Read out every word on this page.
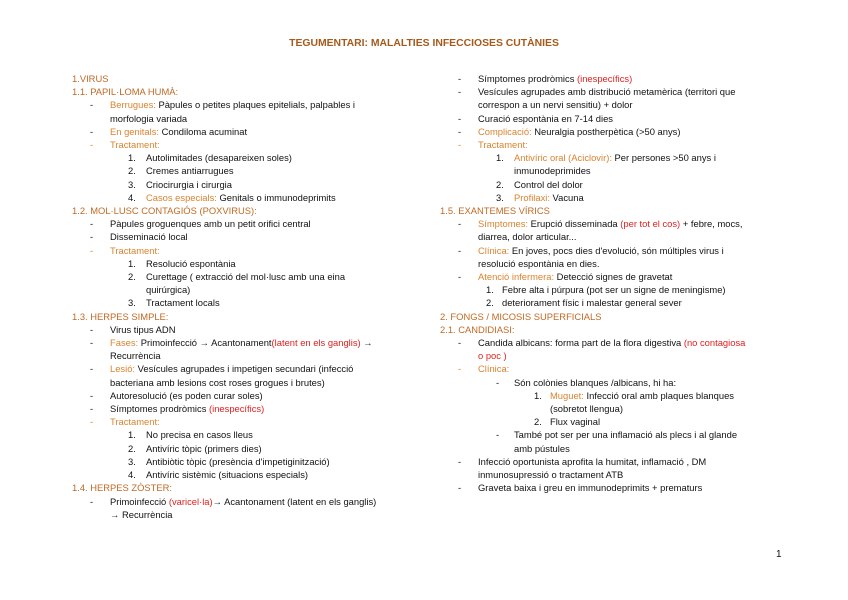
TEGUMENTARI: MALALTIES INFECCIOSES CUTÀNIES
1.VIRUS
1.1. PAPIL·LOMA HUMÀ:
- Berrugues: Pàpules o petites plaques epitelials, palpables i
morfologia variada
- En genitals: Condiloma acuminat
- Tractament:
1. Autolimitades (desapareixen soles)
2. Cremes antiarrugues
3. Criocirurgia i cirurgia
4. Casos especials: Genitals o immunodeprimits
1.2. MOL·LUSC CONTAGIÓS (POXVIRUS):
- Pàpules groguenques amb un petit orifici central
- Disseminació local
- Tractament:
1. Resolució espontània
2. Curettage ( extracció del mol·lusc amb una eina
quirúrgica)
3. Tractament locals
1.3. HERPES SIMPLE:
- Virus tipus ADN
- Fases: Primoinfecció → Acantonament(latent en els ganglis) →
Recurrència
- Lesió: Vesícules agrupades i impetigen secundari (infecció
bacteriana amb lesions cost roses grogues i brutes)
- Autoresolució (es poden curar soles)
- Símptomes prodròmics (inespecífics)
- Tractament:
1. No precisa en casos lleus
2. Antivíric tòpic (primers dies)
3. Antibiòtic tòpic (presència d'impetiginització)
4. Antivíric sistèmic (situacions especials)
1.4. HERPES ZÒSTER:
- Primoinfecció (varicel·la)→ Acantonament (latent en els ganglis)
→ Recurrència
- Símptomes prodròmics (inespecífics)
- Vesícules agrupades amb distribució metamèrica (territori que
correspon a un nervi sensitiu) + dolor
- Curació espontània en 7-14 dies
- Complicació: Neuralgia postherpètica (>50 anys)
- Tractament:
1. Antivíric oral (Aciclovir): Per persones >50 anys i
inmunodeprimides
2. Control del dolor
3. Profilaxi: Vacuna
1.5. EXANTEMES VÍRICS
- Símptomes: Erupció disseminada (per tot el cos) + febre, mocs,
diarrea, dolor articular...
- Clínica: En joves, pocs dies d'evolució, són múltiples virus i
resolució espontània en dies.
- Atenció infermera: Detecció signes de gravetat
1. Febre alta i púrpura (pot ser un signe de meningisme)
2. deteriorament físic i malestar general sever
2. FONGS / MICOSIS SUPERFICIALS
2.1. CANDIDIASI:
- Candida albicans: forma part de la flora digestiva (no contagiosa
o poc )
- Clínica:
- Són colònies blanques /albicans, hi ha:
1. Muguet: Infecció oral amb plaques blanques
(sobretot llengua)
2. Flux vaginal
- També pot ser per una inflamació als plecs i al glande
amb pústules
- Infecció oportunista aprofita la humitat, inflamació , DM
inmunosupressió o tractament ATB
- Graveta baixa i greu en immunodeprimits + prematurs
1
